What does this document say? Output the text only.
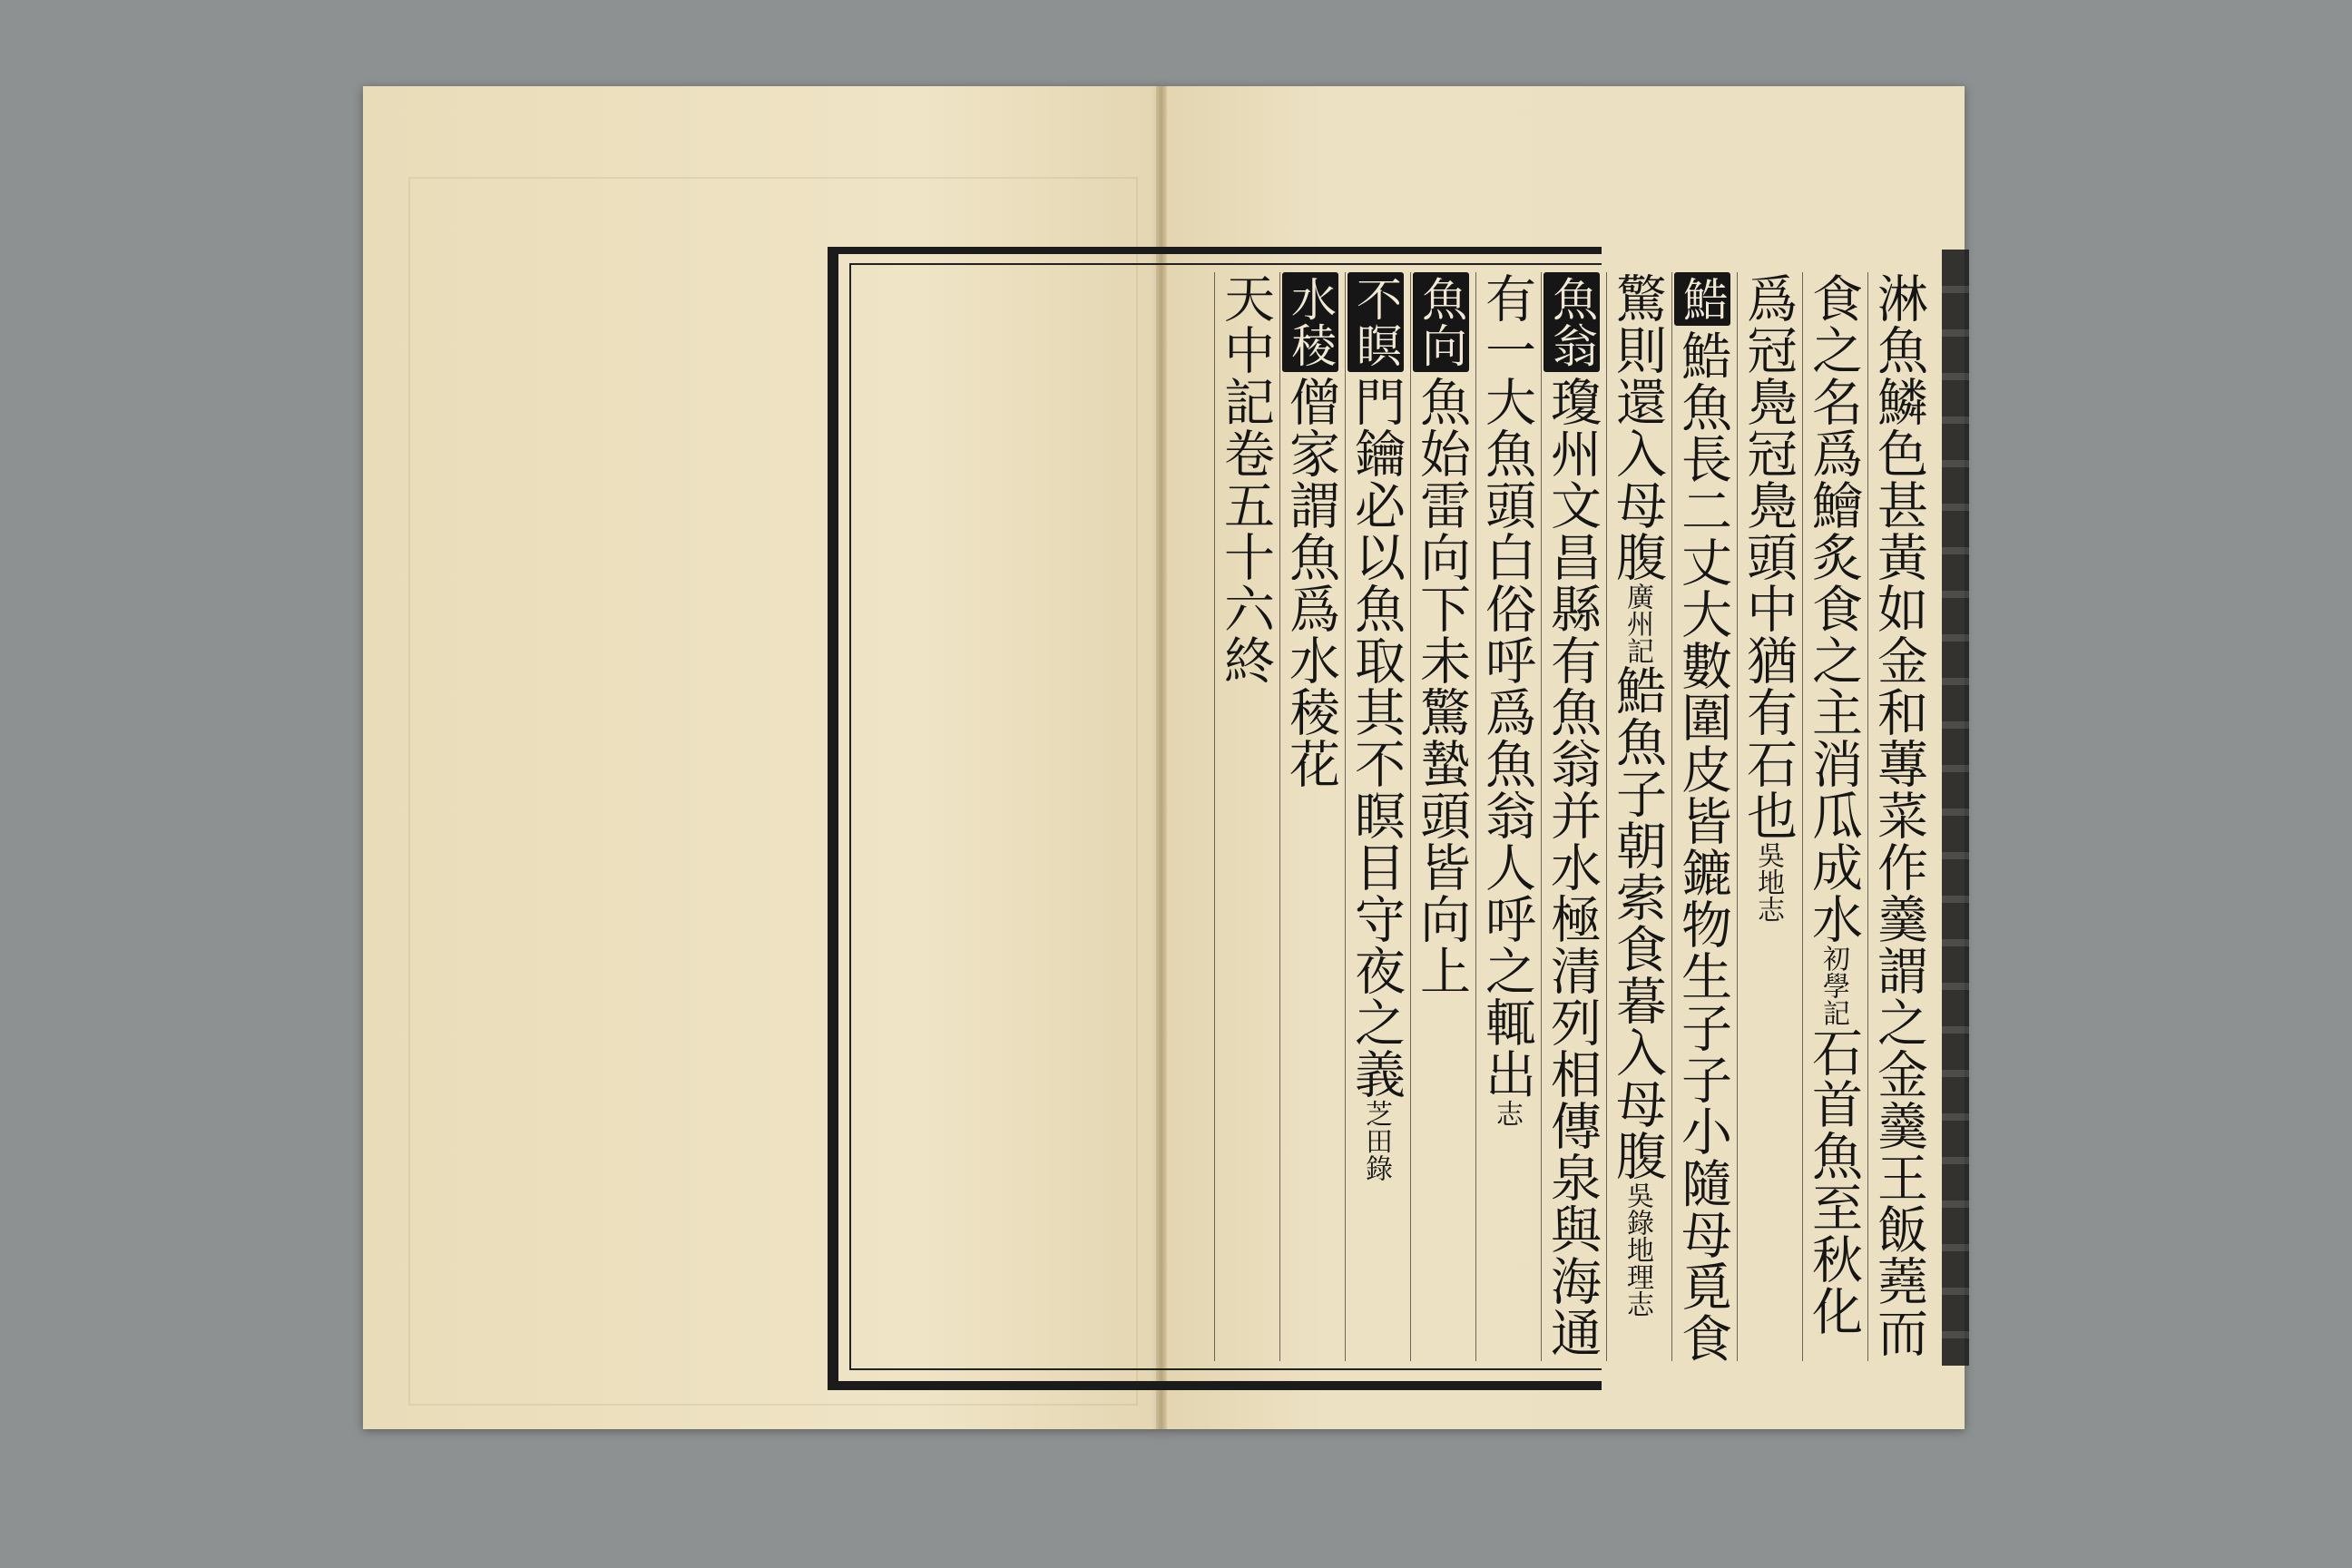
淋魚鱗色甚黃如金和蓴菜作羹謂之金羹王飯蕘而
食之名爲鱠炙食之主消瓜成水初學記石首魚至秋化
爲冠鳧冠鳧頭中猶有石也吳地志
鯌鯌魚長二丈大數圍皮皆鏕物生子子小隨母覓食
驚則還入母腹廣州記鯌魚子朝索食暮入母腹吳錄地理志
魚翁瓊州文昌縣有魚翁并水極清列相傳泉與海通
有一大魚頭白俗呼爲魚翁人呼之輒出志
魚向魚始雷向下未驚蟄頭皆向上
不瞑門鑰必以魚取其不瞑目守夜之義芝田錄
水稜僧家謂魚爲水稜花
天中記卷五十六終
